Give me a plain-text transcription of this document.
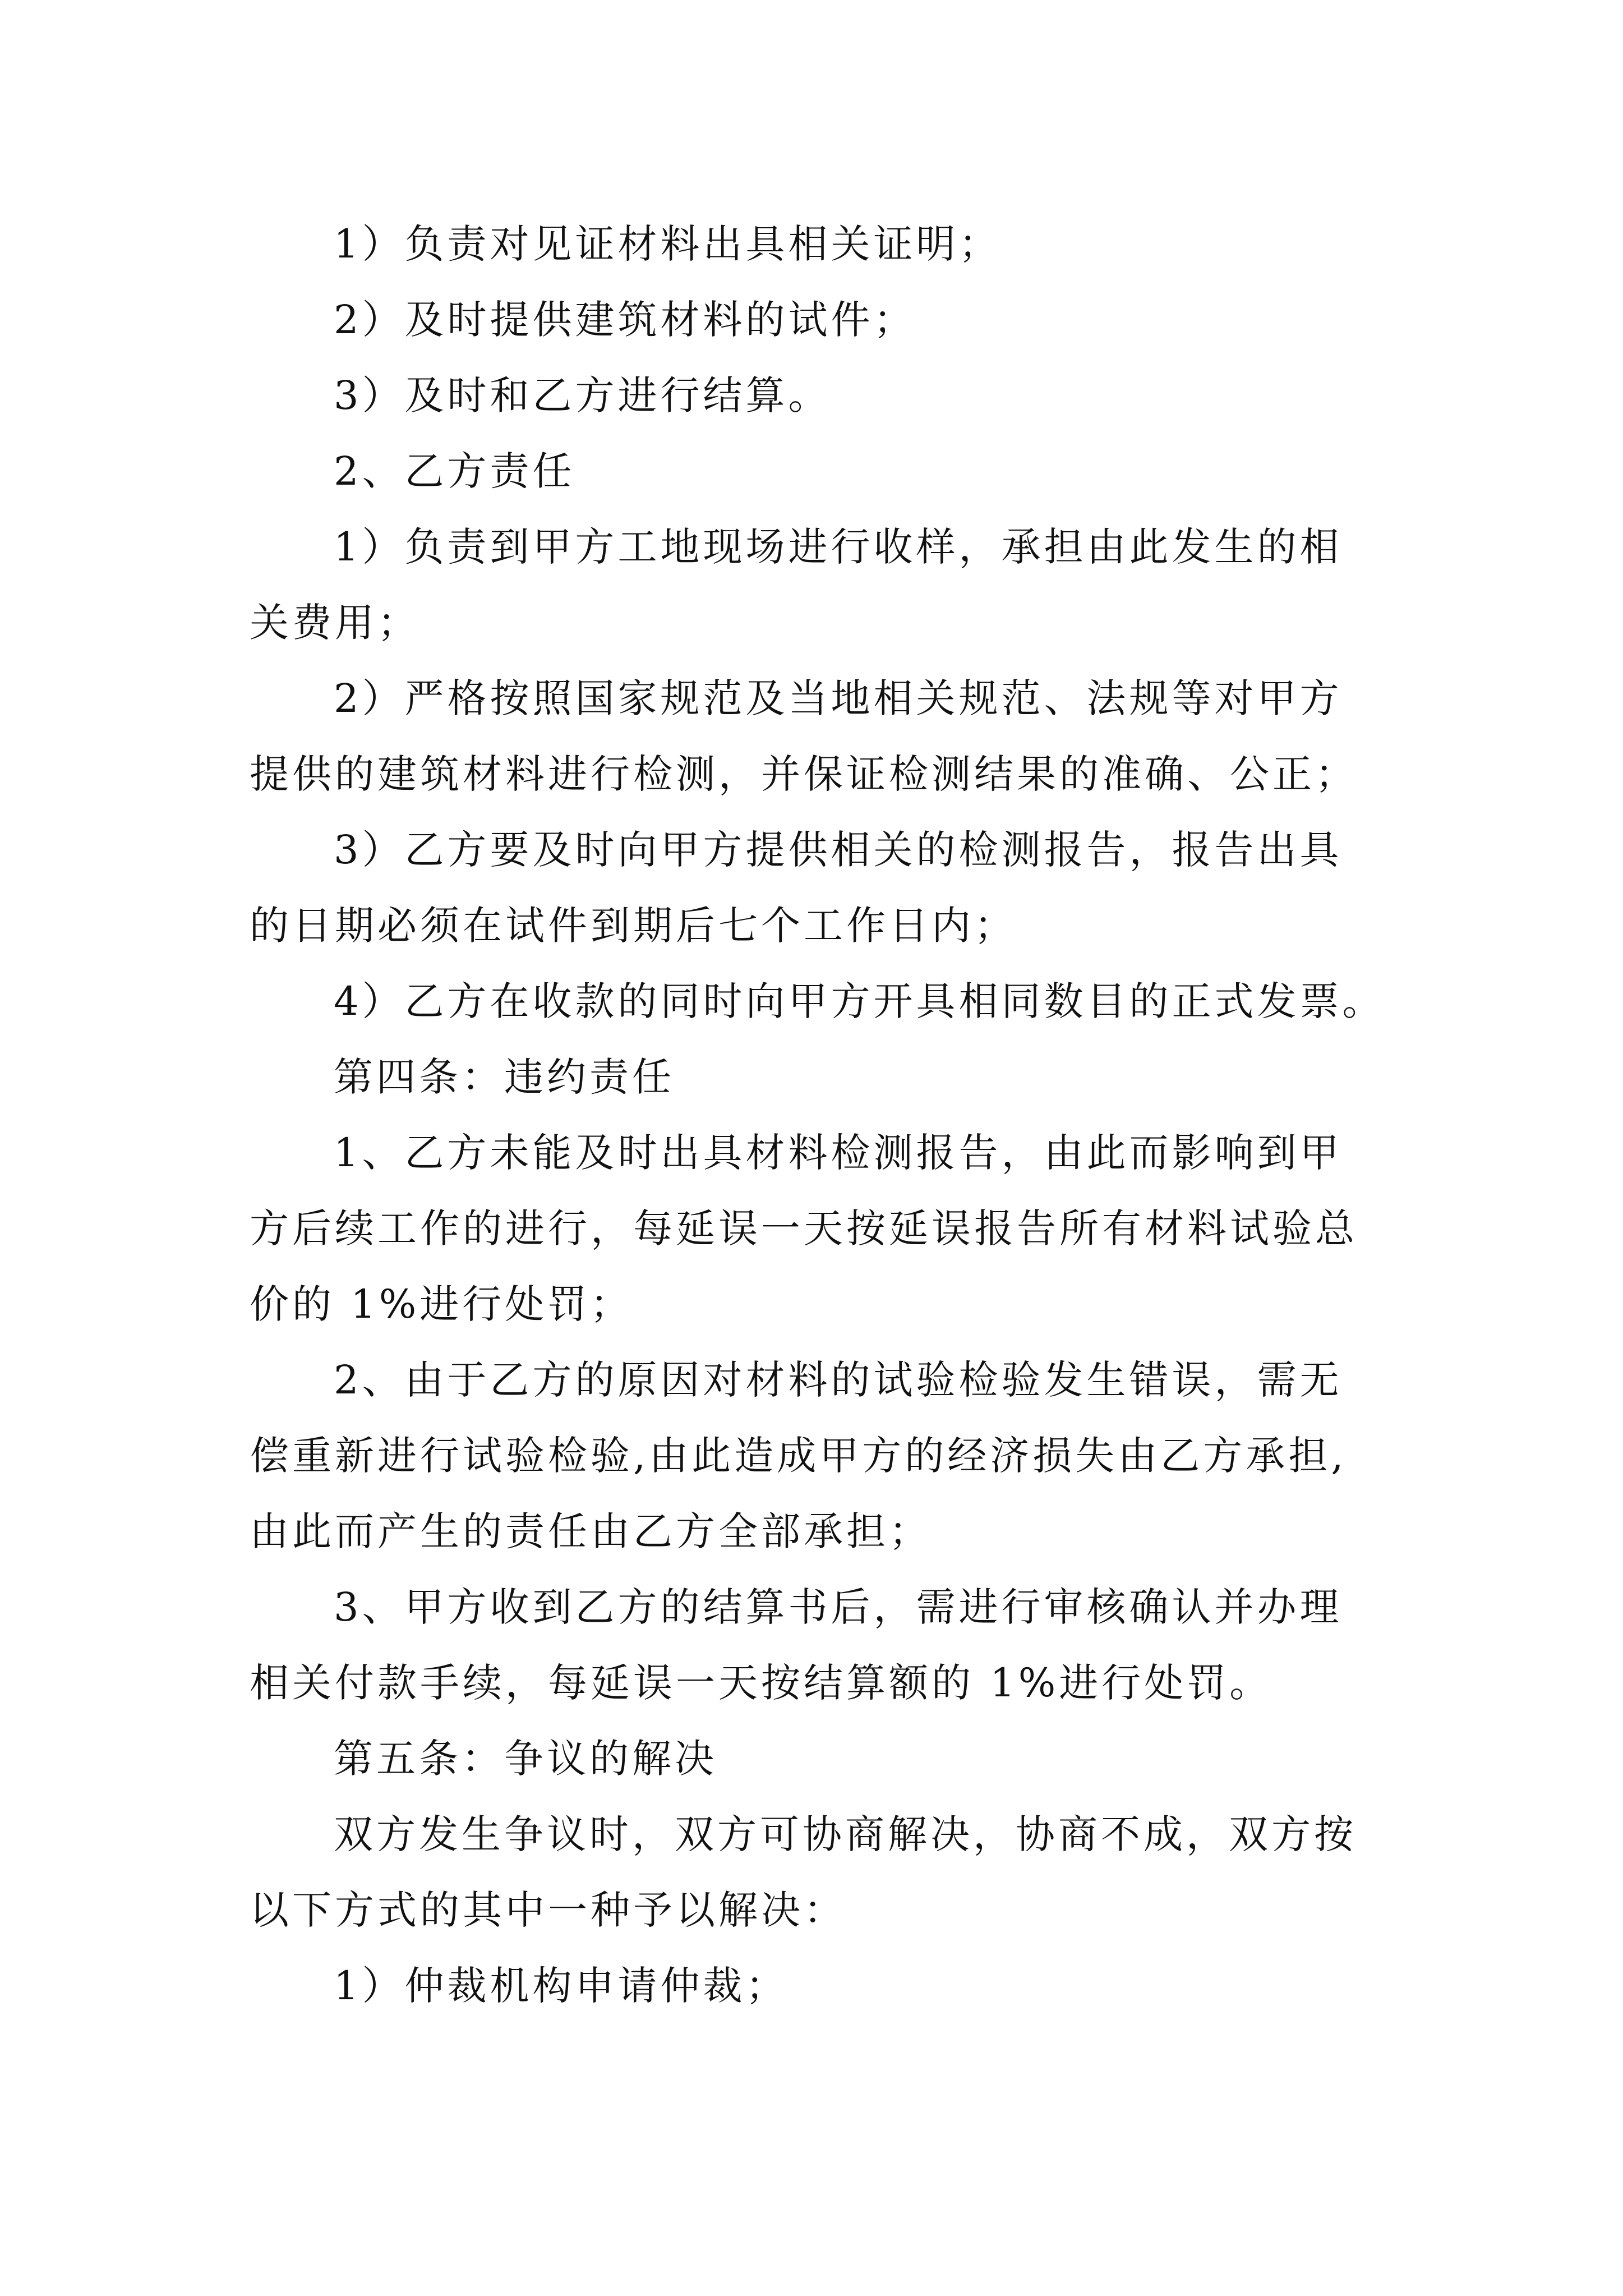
1）负责对见证材料出具相关证明；
2）及时提供建筑材料的试件；
3）及时和乙方进行结算。
2、乙方责任
1）负责到甲方工地现场进行收样，承担由此发生的相
关费用；
2）严格按照国家规范及当地相关规范、法规等对甲方
提供的建筑材料进行检测，并保证检测结果的准确、公正；
3）乙方要及时向甲方提供相关的检测报告，报告出具
的日期必须在试件到期后七个工作日内；
4）乙方在收款的同时向甲方开具相同数目的正式发票。
第四条：违约责任
1、乙方未能及时出具材料检测报告，由此而影响到甲
方后续工作的进行，每延误一天按延误报告所有材料试验总
价的 1%进行处罚；
2、由于乙方的原因对材料的试验检验发生错误，需无
偿重新进行试验检验,由此造成甲方的经济损失由乙方承担,
由此而产生的责任由乙方全部承担；
3、甲方收到乙方的结算书后，需进行审核确认并办理
相关付款手续，每延误一天按结算额的 1%进行处罚。
第五条：争议的解决
双方发生争议时，双方可协商解决，协商不成，双方按
以下方式的其中一种予以解决：
1）仲裁机构申请仲裁；
